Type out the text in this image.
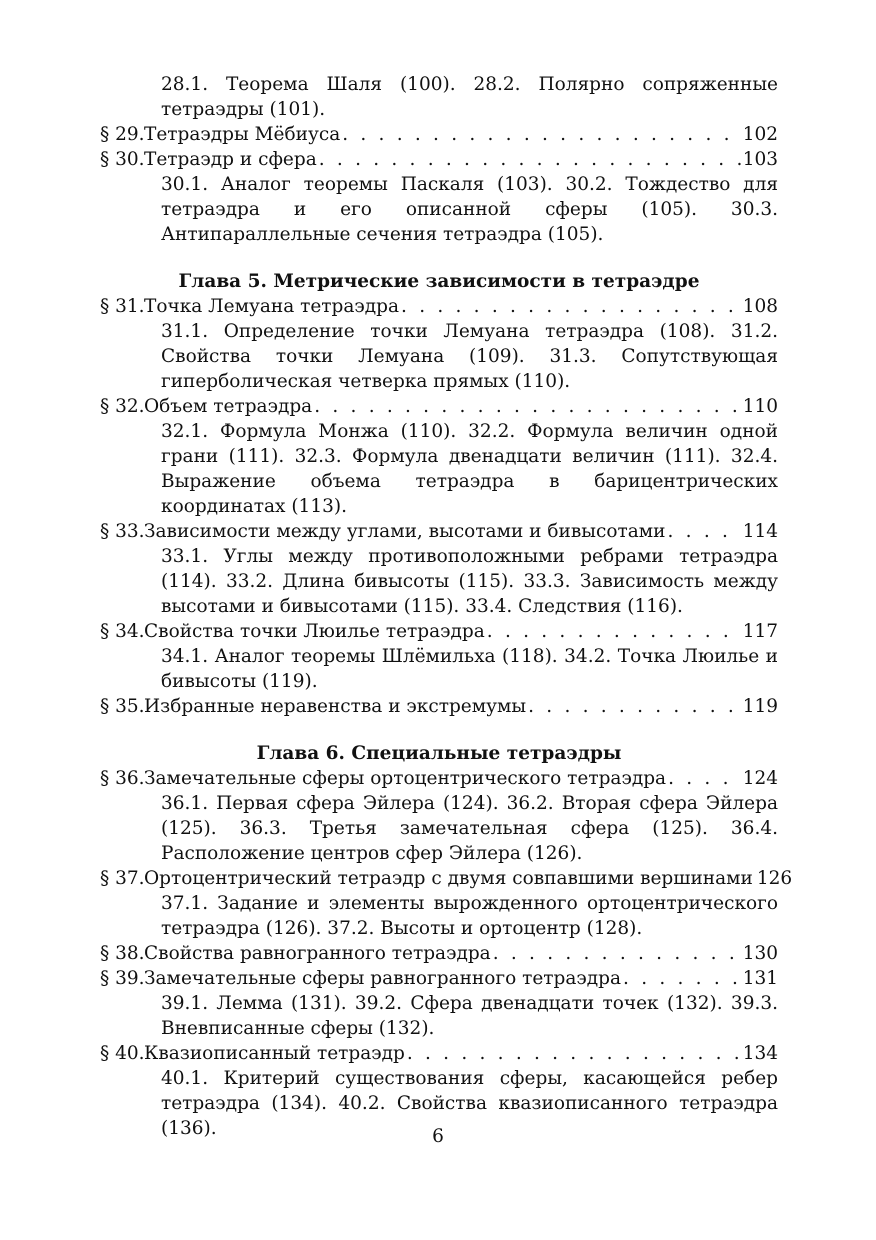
28.1. Теорема Шаля (100). 28.2. Полярно сопряженные тетраэдры (101).
§ 29. Тетраэдры Мёбиуса . . .	102
§ 30. Тетраэдр и сфера . . .	103
30.1. Аналог теоремы Паскаля (103). 30.2. Тождество для тетраэдра и его описанной сферы (105). 30.3. Антипараллельные сечения тетраэдра (105).
Глава 5. Метрические зависимости в тетраэдре
§ 31. Точка Лемуана тетраэдра . . .	108
31.1. Определение точки Лемуана тетраэдра (108). 31.2. Свойства точки Лемуана (109). 31.3. Сопутствующая гиперболическая четверка прямых (110).
§ 32. Объем тетраэдра . . .	110
32.1. Формула Монжа (110). 32.2. Формула величин одной грани (111). 32.3. Формула двенадцати величин (111). 32.4. Выражение объема тетраэдра в барицентрических координатах (113).
§ 33. Зависимости между углами, высотами и бивысотами . . .	114
33.1. Углы между противоположными ребрами тетраэдра (114). 33.2. Длина бивысоты (115). 33.3. Зависимость между высотами и бивысотами (115). 33.4. Следствия (116).
§ 34. Свойства точки Люилье тетраэдра . . .	117
34.1. Аналог теоремы Шлёмильха (118). 34.2. Точка Люилье и бивысоты (119).
§ 35. Избранные неравенства и экстремумы . . .	119
Глава 6. Специальные тетраэдры
§ 36. Замечательные сферы ортоцентрического тетраэдра . . .	124
36.1. Первая сфера Эйлера (124). 36.2. Вторая сфера Эйлера (125). 36.3. Третья замечательная сфера (125). 36.4. Расположение центров сфер Эйлера (126).
§ 37. Ортоцентрический тетраэдр с двумя совпавшими вершинами 126
37.1. Задание и элементы вырожденного ортоцентрического тетраэдра (126). 37.2. Высоты и ортоцентр (128).
§ 38. Свойства равногранного тетраэдра . . .	130
§ 39. Замечательные сферы равногранного тетраэдра . . .	131
39.1. Лемма (131). 39.2. Сфера двенадцати точек (132). 39.3. Вневписанные сферы (132).
§ 40. Квазиописанный тетраэдр . . .	134
40.1. Критерий существования сферы, касающейся ребер тетраэдра (134). 40.2. Свойства квазиописанного тетраэдра (136).	6
